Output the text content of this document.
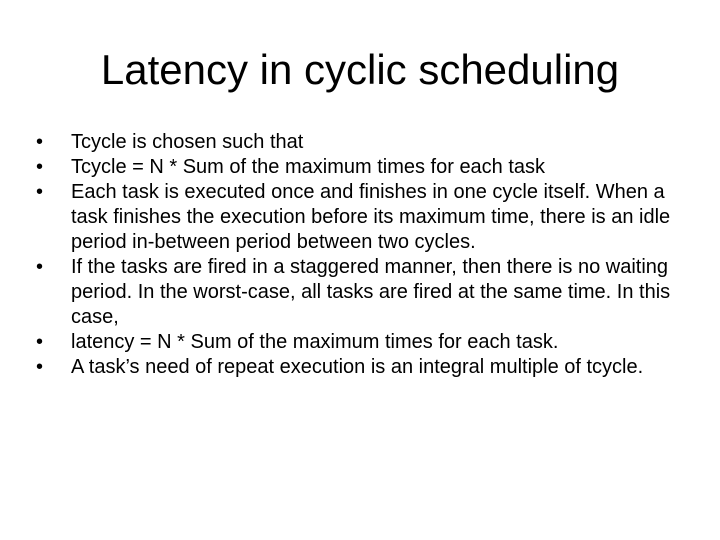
Latency in cyclic scheduling
•	Tcycle is chosen such that
•	Tcycle = N * Sum of the maximum times for each task
•	Each task is executed once and finishes in one cycle itself. When a task finishes the execution before its maximum time, there is an idle period in-between period between two cycles.
•	If the tasks are fired in a staggered manner, then there is no waiting period. In the worst-case, all tasks are fired at the same time. In this case,
•	latency = N * Sum of the maximum times for each task.
•	A task’s need of repeat execution is an integral multiple of tcycle.
